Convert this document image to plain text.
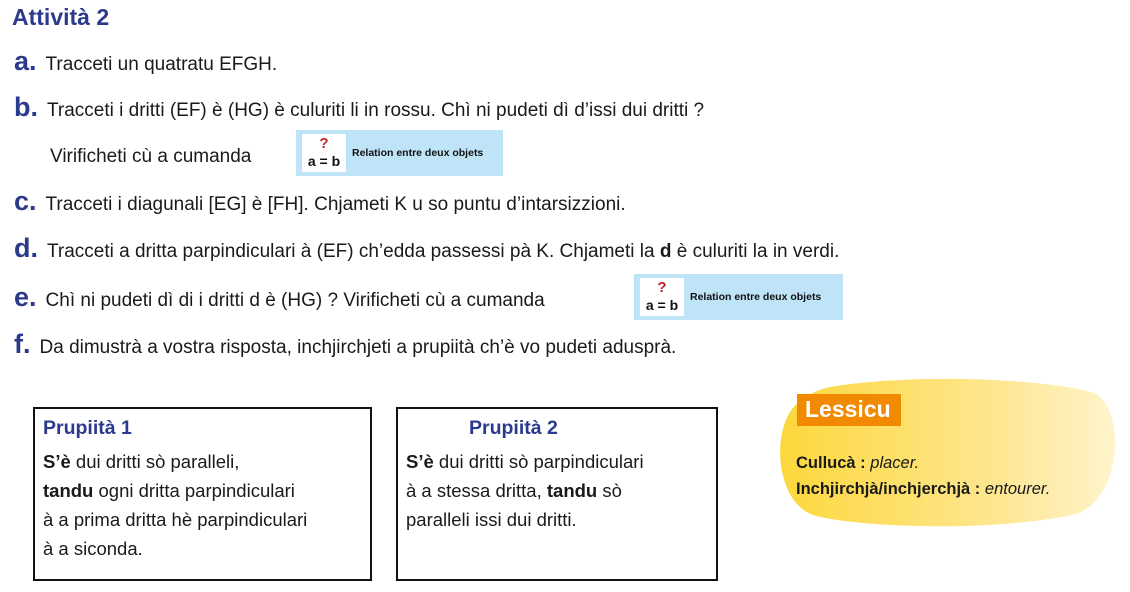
Attività 2
a. Tracceti un quatratu EFGH.
b. Tracceti i dritti (EF) è (HG) è culuriti li in rossu. Chì ni pudeti dì d’issi dui dritti ?
Virificheti cù a cumanda
?
a = b	Relation entre deux objets
c. Tracceti i diagunali [EG] è [FH]. Chjameti K u so puntu d’intarsizzioni.
d. Tracceti a dritta parpindiculari à (EF) ch’edda passessi pà K. Chjameti la d è culuriti la in verdi.
e. Chì ni pudeti dì di i dritti d è (HG) ? Virificheti cù a cumanda
?
a = b	Relation entre deux objets
f. Da dimustrà a vostra risposta, inchjirchjeti a prupiità ch’è vo pudeti adusprà.
Prupiità 1
S’è dui dritti sò paralleli,
tandu ogni dritta parpindiculari
à a prima dritta hè parpindiculari
à a siconda.
Prupiità 2
S’è dui dritti sò parpindiculari
à a stessa dritta, tandu sò
paralleli issi dui dritti.
Lessicu
Cullucà : placer.
Inchjirchjà/inchjerchjà : entourer.
